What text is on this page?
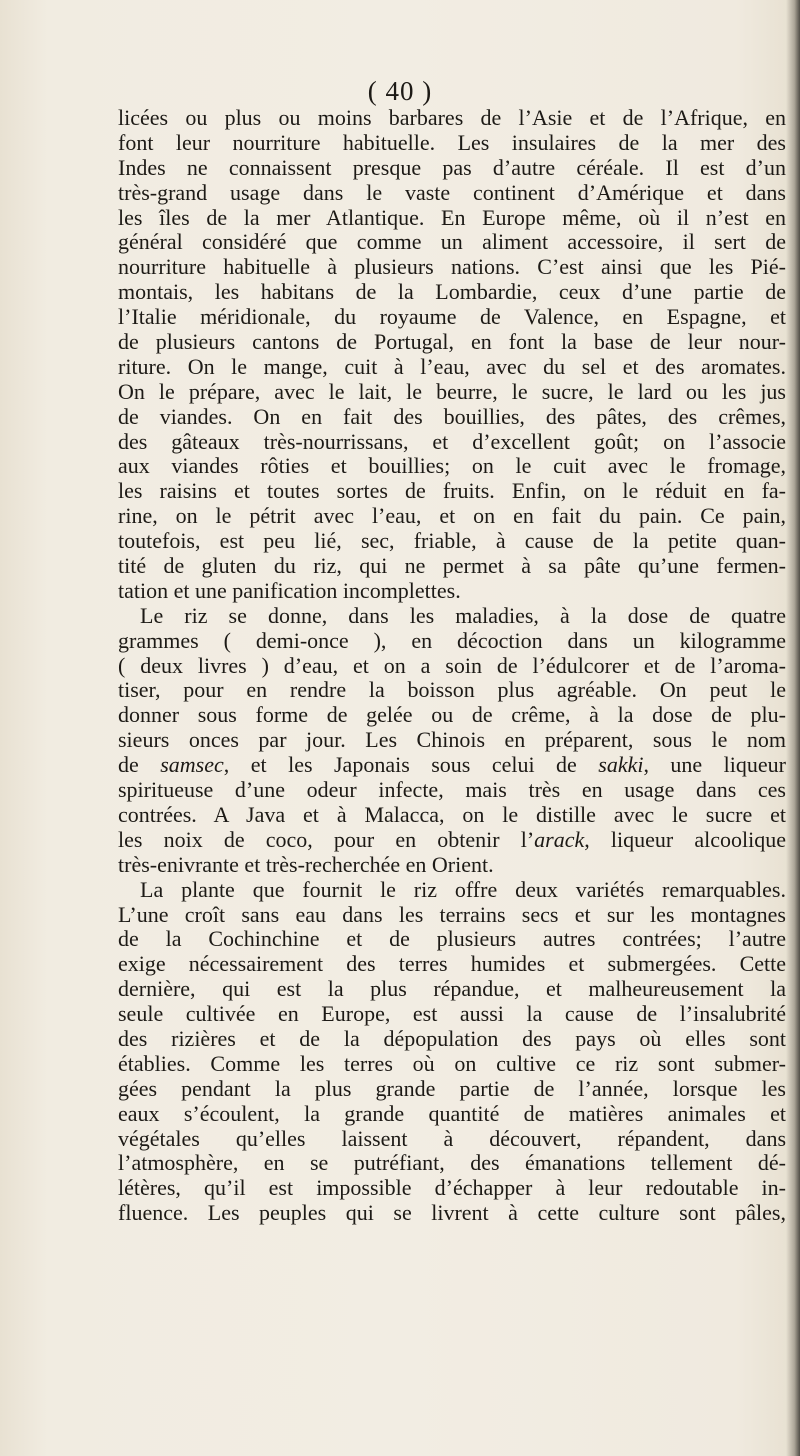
( 40 )
licées ou plus ou moins barbares de l’Asie et de l’Afrique, en
font leur nourriture habituelle. Les insulaires de la mer des
Indes ne connaissent presque pas d’autre céréale. Il est d’un
très-grand usage dans le vaste continent d’Amérique et dans
les îles de la mer Atlantique. En Europe même, où il n’est en
général considéré que comme un aliment accessoire, il sert de
nourriture habituelle à plusieurs nations. C’est ainsi que les Pié-
montais, les habitans de la Lombardie, ceux d’une partie de
l’Italie méridionale, du royaume de Valence, en Espagne, et
de plusieurs cantons de Portugal, en font la base de leur nour-
riture. On le mange, cuit à l’eau, avec du sel et des aromates.
On le prépare, avec le lait, le beurre, le sucre, le lard ou les jus
de viandes. On en fait des bouillies, des pâtes, des crêmes,
des gâteaux très-nourrissans, et d’excellent goût; on l’associe
aux viandes rôties et bouillies; on le cuit avec le fromage,
les raisins et toutes sortes de fruits. Enfin, on le réduit en fa-
rine, on le pétrit avec l’eau, et on en fait du pain. Ce pain,
toutefois, est peu lié, sec, friable, à cause de la petite quan-
tité de gluten du riz, qui ne permet à sa pâte qu’une fermen-
tation et une panification incomplettes.
Le riz se donne, dans les maladies, à la dose de quatre
grammes ( demi-once ), en décoction dans un kilogramme
( deux livres ) d’eau, et on a soin de l’édulcorer et de l’aroma-
tiser, pour en rendre la boisson plus agréable. On peut le
donner sous forme de gelée ou de crême, à la dose de plu-
sieurs onces par jour. Les Chinois en préparent, sous le nom
de samsec, et les Japonais sous celui de sakki, une liqueur
spiritueuse d’une odeur infecte, mais très en usage dans ces
contrées. A Java et à Malacca, on le distille avec le sucre et
les noix de coco, pour en obtenir l’arack, liqueur alcoolique
très-enivrante et très-recherchée en Orient.
La plante que fournit le riz offre deux variétés remarquables.
L’une croît sans eau dans les terrains secs et sur les montagnes
de la Cochinchine et de plusieurs autres contrées; l’autre
exige nécessairement des terres humides et submergées. Cette
dernière, qui est la plus répandue, et malheureusement la
seule cultivée en Europe, est aussi la cause de l’insalubrité
des rizières et de la dépopulation des pays où elles sont
établies. Comme les terres où on cultive ce riz sont submer-
gées pendant la plus grande partie de l’année, lorsque les
eaux s’écoulent, la grande quantité de matières animales et
végétales qu’elles laissent à découvert, répandent, dans
l’atmosphère, en se putréfiant, des émanations tellement dé-
létères, qu’il est impossible d’échapper à leur redoutable in-
fluence. Les peuples qui se livrent à cette culture sont pâles,
